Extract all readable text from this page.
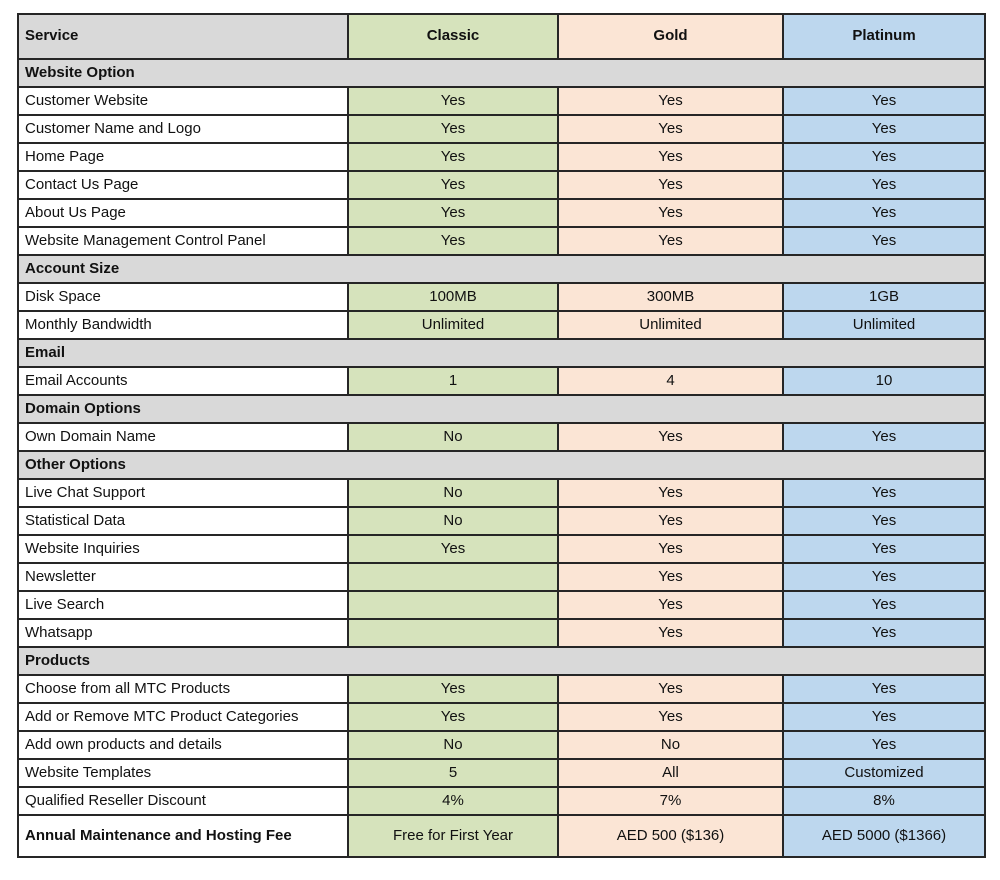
Service	Classic	Gold	Platinum
Website Option			
Customer Website	Yes	Yes	Yes
Customer Name and Logo	Yes	Yes	Yes
Home Page	Yes	Yes	Yes
Contact Us Page	Yes	Yes	Yes
About Us Page	Yes	Yes	Yes
Website Management Control Panel	Yes	Yes	Yes
Account Size			
Disk Space	100MB	300MB	1GB
Monthly Bandwidth	Unlimited	Unlimited	Unlimited
Email			
Email Accounts	1	4	10
Domain Options			
Own Domain Name	No	Yes	Yes
Other Options			
Live Chat Support	No	Yes	Yes
Statistical Data	No	Yes	Yes
Website Inquiries	Yes	Yes	Yes
Newsletter		Yes	Yes
Live Search		Yes	Yes
Whatsapp		Yes	Yes
Products			
Choose from all MTC Products	Yes	Yes	Yes
Add or Remove MTC Product Categories	Yes	Yes	Yes
Add own products and details	No	No	Yes
Website Templates	5	All	Customized
Qualified Reseller Discount	4%	7%	8%
Annual Maintenance and Hosting Fee	Free for First Year	AED 500 ($136)	AED 5000 ($1366)
